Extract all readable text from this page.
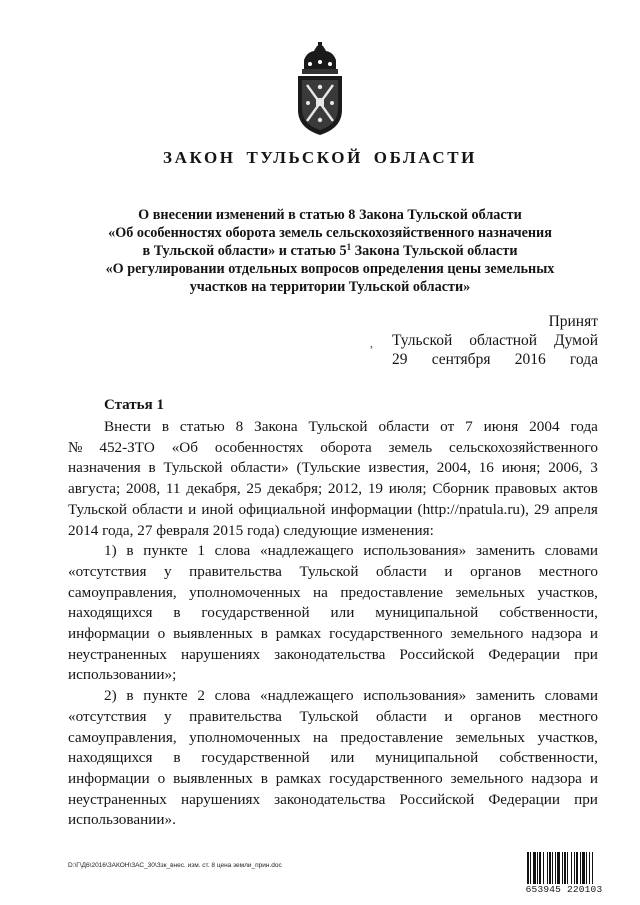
ЗАКОН ТУЛЬСКОЙ ОБЛАСТИ
О внесении изменений в статью 8 Закона Тульской области
«Об особенностях оборота земель сельскохозяйственного назначения
в Тульской области» и статью $5^1$ Закона Тульской области
«О регулировании отдельных вопросов определения цены земельных
участков на территории Тульской области»
,
Принят
Тульской областной Думой
29 сентября 2016 года
Статья 1
Внести в статью 8 Закона Тульской области от 7 июня 2004 года
№ 452-ЗТО «Об особенностях оборота земель сельскохозяйственного
назначения в Тульской области» (Тульские известия, 2004, 16 июня; 2006, 3
августа; 2008, 11 декабря, 25 декабря; 2012, 19 июля; Сборник правовых актов
Тульской области и иной официальной информации (http://npatula.ru), 29 апреля
2014 года, 27 февраля 2015 года) следующие изменения:
1) в пункте 1 слова «надлежащего использования» заменить словами
«отсутствия у правительства Тульской области и органов местного
самоуправления, уполномоченных на предоставление земельных участков,
находящихся в государственной или муниципальной собственности,
информации о выявленных в рамках государственного земельного надзора и
неустраненных нарушениях законодательства Российской Федерации при
использовании»;
2) в пункте 2 слова «надлежащего использования» заменить словами
«отсутствия у правительства Тульской области и органов местного
самоуправления, уполномоченных на предоставление земельных участков,
находящихся в государственной или муниципальной собственности,
информации о выявленных в рамках государственного земельного надзора и
неустраненных нарушениях законодательства Российской Федерации при
использовании».
D:\Г\Д6\2016\ЗАКОН\ЗАС_30\Ззк_внес. изм. ст. 8 цена земли_прин.doc
653945 220103
